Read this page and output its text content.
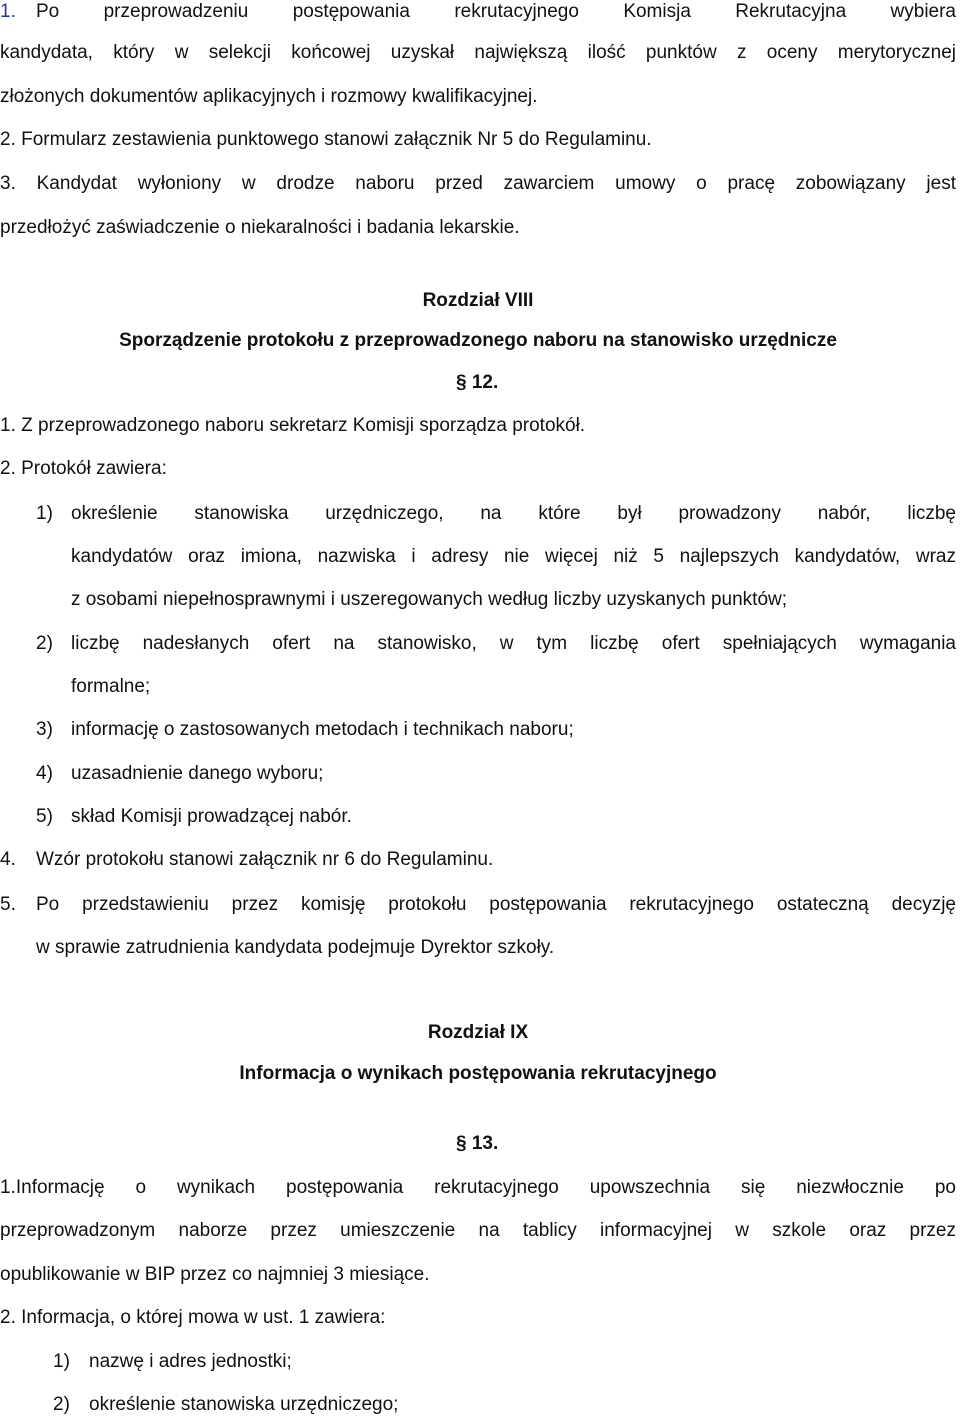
1. Po przeprowadzeniu postępowania rekrutacyjnego Komisja Rekrutacyjna wybiera
kandydata, który w selekcji końcowej uzyskał największą ilość punktów z oceny merytorycznej
złożonych dokumentów aplikacyjnych i rozmowy kwalifikacyjnej.
2. Formularz zestawienia punktowego stanowi załącznik Nr 5 do Regulaminu.
3. Kandydat wyłoniony w drodze naboru przed zawarciem umowy o pracę zobowiązany jest
przedłożyć zaświadczenie o niekaralności i badania lekarskie.
Rozdział VIII
Sporządzenie protokołu z przeprowadzonego naboru na stanowisko urzędnicze
§ 12.
1. Z przeprowadzonego naboru sekretarz Komisji sporządza protokół.
2. Protokół zawiera:
1) określenie stanowiska urzędniczego, na które był prowadzony nabór, liczbę
kandydatów oraz imiona, nazwiska i adresy nie więcej niż 5 najlepszych kandydatów, wraz
z osobami niepełnosprawnymi i uszeregowanych według liczby uzyskanych punktów;
2) liczbę nadesłanych ofert na stanowisko, w tym liczbę ofert spełniających wymagania
formalne;
3) informację o zastosowanych metodach i technikach naboru;
4) uzasadnienie danego wyboru;
5) skład Komisji prowadzącej nabór.
4. Wzór protokołu stanowi załącznik nr 6 do Regulaminu.
5. Po przedstawieniu przez komisję protokołu postępowania rekrutacyjnego ostateczną decyzję
w sprawie zatrudnienia kandydata podejmuje Dyrektor szkoły.
Rozdział IX
Informacja o wynikach postępowania rekrutacyjnego
§ 13.
1.Informację o wynikach postępowania rekrutacyjnego upowszechnia się niezwłocznie po
przeprowadzonym naborze przez umieszczenie na tablicy informacyjnej w szkole oraz przez
opublikowanie w BIP przez co najmniej 3 miesiące.
2. Informacja, o której mowa w ust. 1 zawiera:
1) nazwę i adres jednostki;
2) określenie stanowiska urzędniczego;
